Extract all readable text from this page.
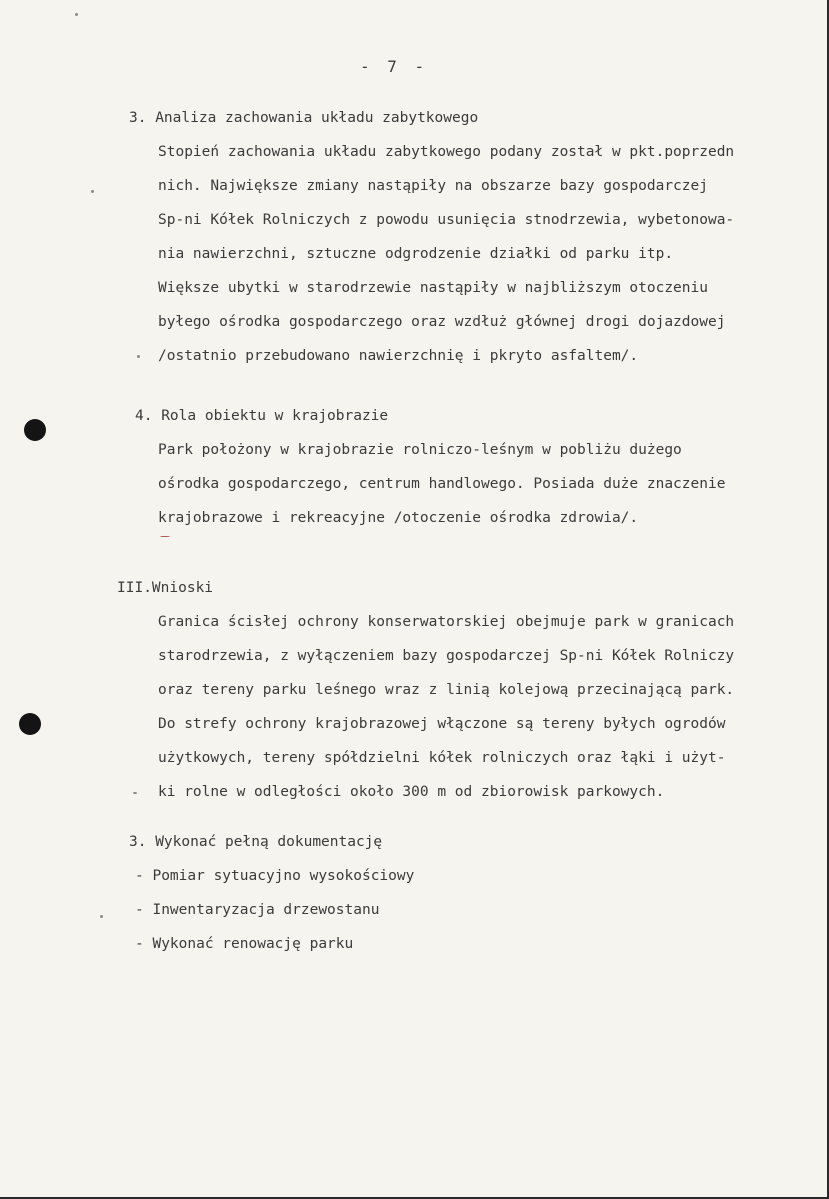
- 7 -
3. Analiza zachowania układu zabytkowego
Stopień zachowania układu zabytkowego podany został w pkt.poprzedn
nich. Największe zmiany nastąpiły na obszarze bazy gospodarczej
Sp-ni Kółek Rolniczych z powodu usunięcia stnodrzewia, wybetonowa-
nia nawierzchni, sztuczne odgrodzenie działki od parku itp.
Większe ubytki w starodrzewie nastąpiły w najbliższym otoczeniu
byłego ośrodka gospodarczego oraz wzdłuż głównej drogi dojazdowej
/ostatnio przebudowano nawierzchnię i pkryto asfaltem/.
4. Rola obiektu w krajobrazie
Park położony w krajobrazie rolniczo-leśnym w pobliżu dużego
ośrodka gospodarczego, centrum handlowego. Posiada duże znaczenie
krajobrazowe i rekreacyjne /otoczenie ośrodka zdrowia/.
III.Wnioski
Granica ścisłej ochrony konserwatorskiej obejmuje park w granicach
starodrzewia, z wyłączeniem bazy gospodarczej Sp-ni Kółek Rolniczy
oraz tereny parku leśnego wraz z linią kolejową przecinającą park.
Do strefy ochrony krajobrazowej włączone są tereny byłych ogrodów
użytkowych, tereny spółdzielni kółek rolniczych oraz łąki i użyt-
ki rolne w odległości około 300 m od zbiorowisk parkowych.
3. Wykonać pełną dokumentację
- Pomiar sytuacyjno wysokościowy
- Inwentaryzacja drzewostanu
- Wykonać renowację parku
